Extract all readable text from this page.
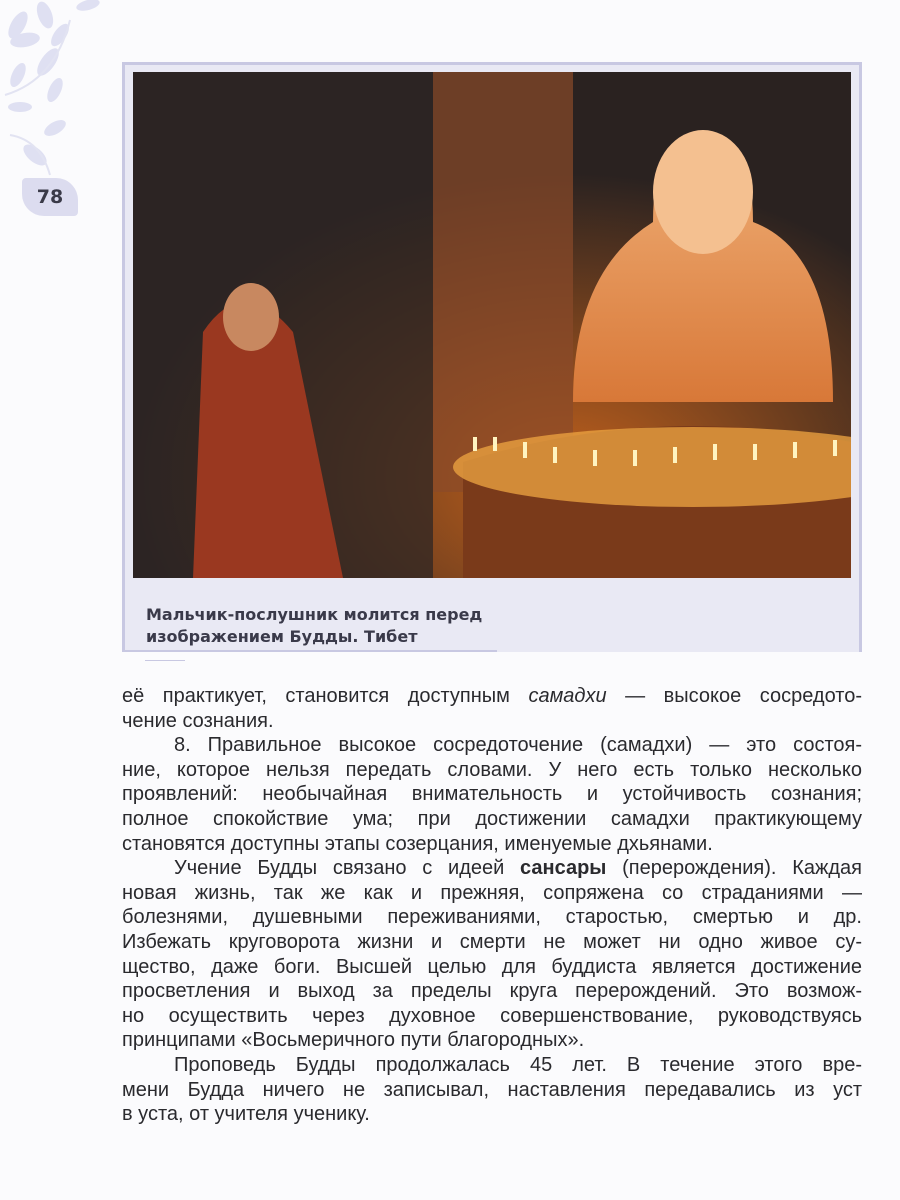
78
Мальчик-послушник молится перед
изображением Будды. Тибет
её практикует, становится доступным самадхи — высокое сосредото-
чение сознания.
8. Правильное высокое сосредоточение (самадхи) — это состоя-
ние, которое нельзя передать словами. У него есть только несколько
проявлений: необычайная внимательность и устойчивость сознания;
полное спокойствие ума; при достижении самадхи практикующему
становятся доступны этапы созерцания, именуемые дхьянами.
Учение Будды связано с идеей сансары (перерождения). Каждая
новая жизнь, так же как и прежняя, сопряжена со страданиями —
болезнями, душевными переживаниями, старостью, смертью и др.
Избежать круговорота жизни и смерти не может ни одно живое су-
щество, даже боги. Высшей целью для буддиста является достижение
просветления и выход за пределы круга перерождений. Это возмож-
но осуществить через духовное совершенствование, руководствуясь
принципами «Восьмеричного пути благородных».
Проповедь Будды продолжалась 45 лет. В течение этого вре-
мени Будда ничего не записывал, наставления передавались из уст
в уста, от учителя ученику.
